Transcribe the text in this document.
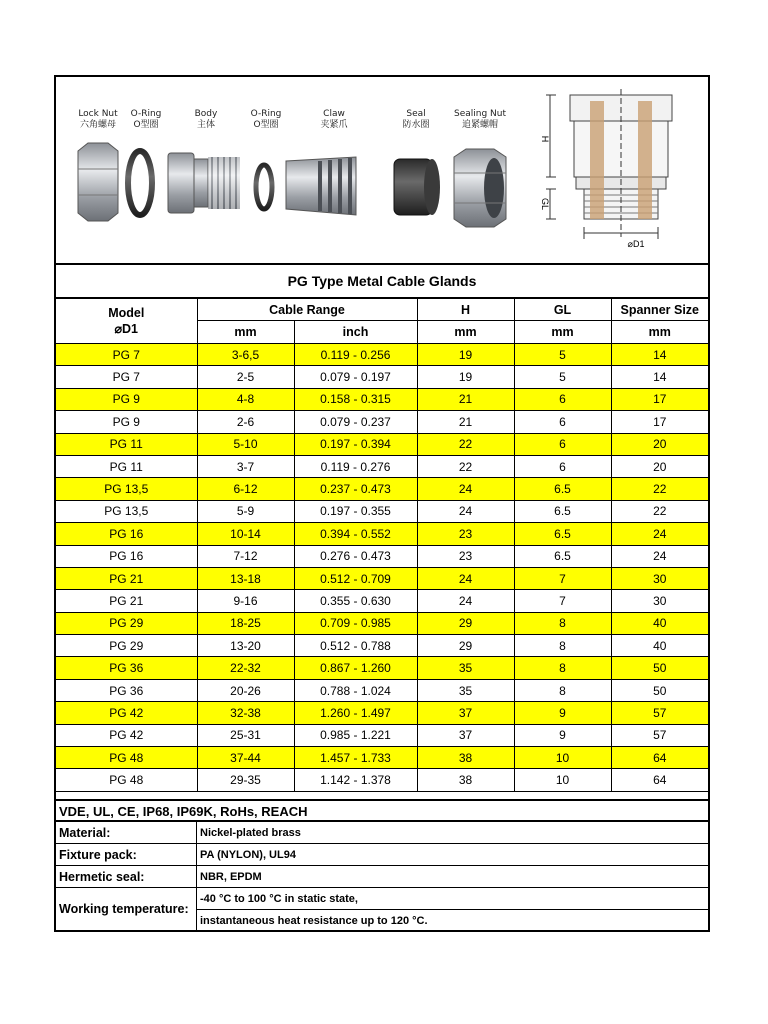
Lock Nut
六角螺母
O-Ring
O型圈
Body
主体
O-Ring
O型圈
Claw
夹紧爪
Seal
防水圈
Sealing Nut
追紧螺帽
H
GL
⌀D1
PG Type Metal Cable Glands
Model
⌀D1	Cable Range		H	GL	Spanner Size
	mm	inch	mm	mm	mm
PG 7	3-6,5	0.119 - 0.256	19	5	14
PG 7	2-5	0.079 - 0.197	19	5	14
PG 9	4-8	0.158 - 0.315	21	6	17
PG 9	2-6	0.079 - 0.237	21	6	17
PG 11	5-10	0.197 - 0.394	22	6	20
PG 11	3-7	0.119 - 0.276	22	6	20
PG 13,5	6-12	0.237 - 0.473	24	6.5	22
PG 13,5	5-9	0.197 - 0.355	24	6.5	22
PG 16	10-14	0.394 - 0.552	23	6.5	24
PG 16	7-12	0.276 - 0.473	23	6.5	24
PG 21	13-18	0.512 - 0.709	24	7	30
PG 21	9-16	0.355 - 0.630	24	7	30
PG 29	18-25	0.709 - 0.985	29	8	40
PG 29	13-20	0.512 - 0.788	29	8	40
PG 36	22-32	0.867 - 1.260	35	8	50
PG 36	20-26	0.788 - 1.024	35	8	50
PG 42	32-38	1.260 - 1.497	37	9	57
PG 42	25-31	0.985 - 1.221	37	9	57
PG 48	37-44	1.457 - 1.733	38	10	64
PG 48	29-35	1.142 - 1.378	38	10	64
VDE, UL, CE, IP68, IP69K, RoHs, REACH
Material:	Nickel-plated brass
Fixture pack:	PA (NYLON), UL94
Hermetic seal:	NBR, EPDM
Working temperature:	-40 °C to 100 °C in static state,
	instantaneous heat resistance up to 120 °C.
